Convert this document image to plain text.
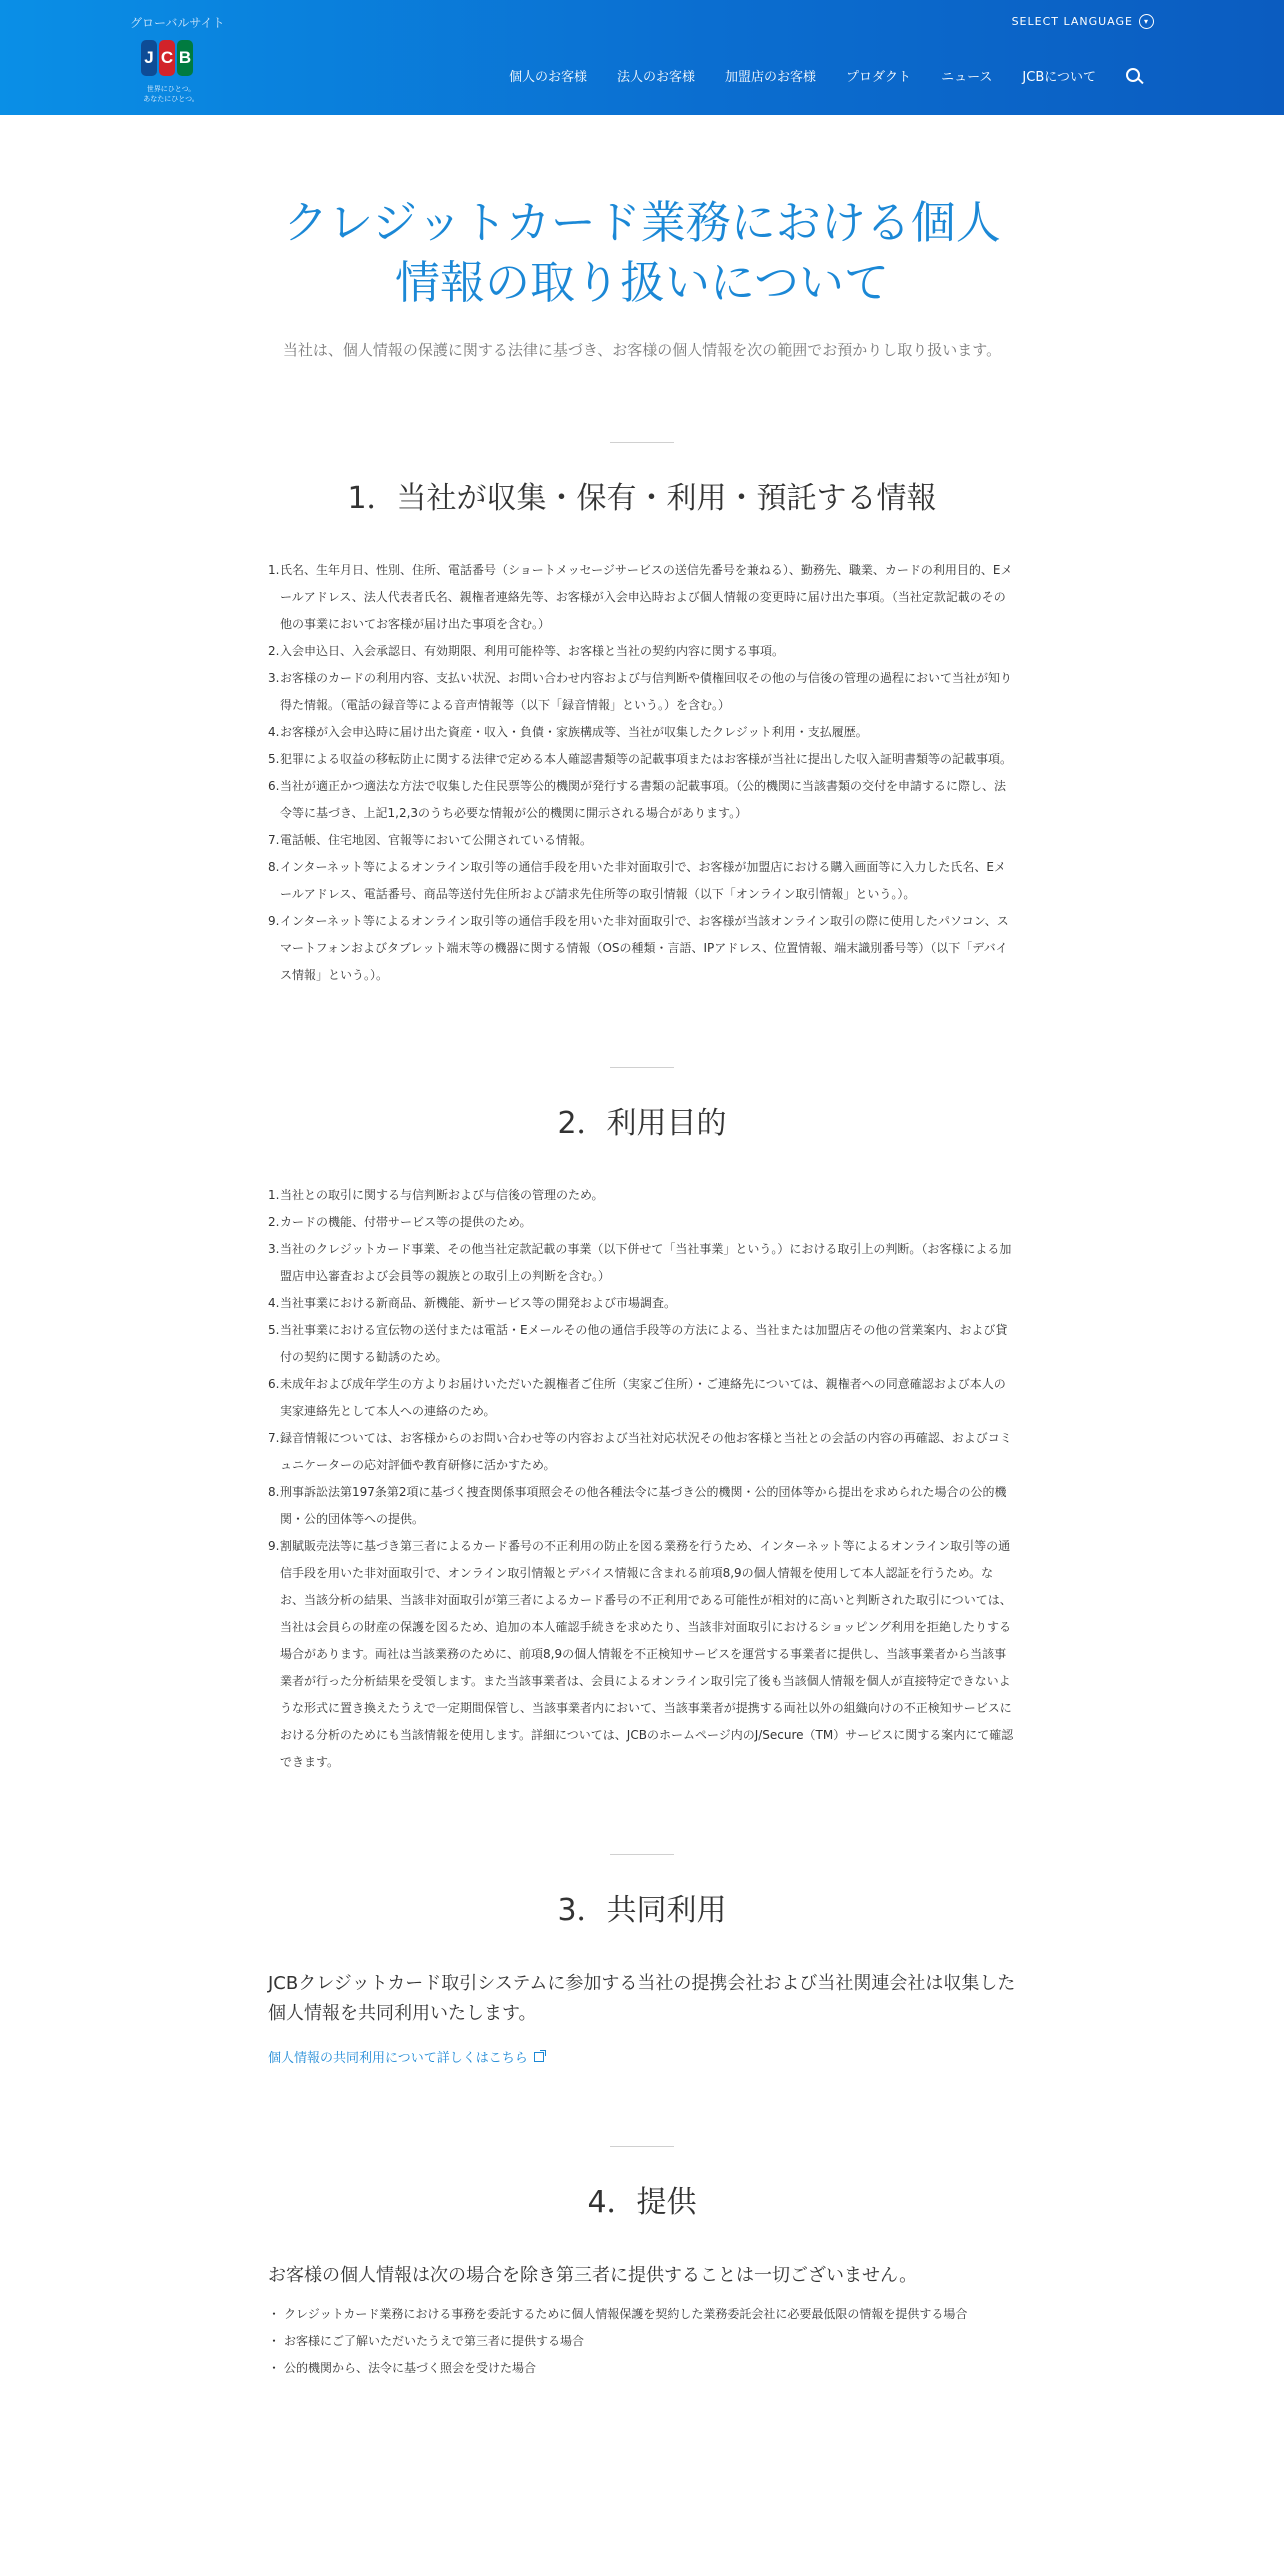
グローバルサイト
J C B
世界にひとつ。
あなたにひとつ。
SELECT LANGUAGE	▾
個人のお客様 法人のお客様 加盟店のお客様 プロダクト ニュース JCBについて
クレジットカード業務における個人
情報の取り扱いについて

当社は、個人情報の保護に関する法律に基づき、お客様の個人情報を次の範囲でお預かりし取り扱います。

1．当社が収集・保有・利用・預託する情報
1. 氏名、生年月日、性別、住所、電話番号（ショートメッセージサービスの送信先番号を兼ねる）、勤務先、職業、カードの利用目的、Eメールアドレス、法人代表者氏名、親権者連絡先等、お客様が入会申込時および個人情報の変更時に届け出た事項。（当社定款記載のその他の事業においてお客様が届け出た事項を含む。）
2. 入会申込日、入会承認日、有効期限、利用可能枠等、お客様と当社の契約内容に関する事項。
3. お客様のカードの利用内容、支払い状況、お問い合わせ内容および与信判断や債権回収その他の与信後の管理の過程において当社が知り得た情報。（電話の録音等による音声情報等（以下「録音情報」という。）を含む。）
4. お客様が入会申込時に届け出た資産・収入・負債・家族構成等、当社が収集したクレジット利用・支払履歴。
5. 犯罪による収益の移転防止に関する法律で定める本人確認書類等の記載事項またはお客様が当社に提出した収入証明書類等の記載事項。
6. 当社が適正かつ適法な方法で収集した住民票等公的機関が発行する書類の記載事項。（公的機関に当該書類の交付を申請するに際し、法令等に基づき、上記1,2,3のうち必要な情報が公的機関に開示される場合があります。）
7. 電話帳、住宅地図、官報等において公開されている情報。
8. インターネット等によるオンライン取引等の通信手段を用いた非対面取引で、お客様が加盟店における購入画面等に入力した氏名、Eメールアドレス、電話番号、商品等送付先住所および請求先住所等の取引情報（以下「オンライン取引情報」という。）。
9. インターネット等によるオンライン取引等の通信手段を用いた非対面取引で、お客様が当該オンライン取引の際に使用したパソコン、スマートフォンおよびタブレット端末等の機器に関する情報（OSの種類・言語、IPアドレス、位置情報、端末識別番号等）（以下「デバイス情報」という。）。
2．利用目的
1. 当社との取引に関する与信判断および与信後の管理のため。
2. カードの機能、付帯サービス等の提供のため。
3. 当社のクレジットカード事業、その他当社定款記載の事業（以下併せて「当社事業」という。）における取引上の判断。（お客様による加盟店申込審査および会員等の親族との取引上の判断を含む。）
4. 当社事業における新商品、新機能、新サービス等の開発および市場調査。
5. 当社事業における宣伝物の送付または電話・Eメールその他の通信手段等の方法による、当社または加盟店その他の営業案内、および貸付の契約に関する勧誘のため。
6. 未成年および成年学生の方よりお届けいただいた親権者ご住所（実家ご住所）・ご連絡先については、親権者への同意確認および本人の実家連絡先として本人への連絡のため。
7. 録音情報については、お客様からのお問い合わせ等の内容および当社対応状況その他お客様と当社との会話の内容の再確認、およびコミュニケーターの応対評価や教育研修に活かすため。
8. 刑事訴訟法第197条第2項に基づく捜査関係事項照会その他各種法令に基づき公的機関・公的団体等から提出を求められた場合の公的機関・公的団体等への提供。
9. 割賦販売法等に基づき第三者によるカード番号の不正利用の防止を図る業務を行うため、インターネット等によるオンライン取引等の通信手段を用いた非対面取引で、オンライン取引情報とデバイス情報に含まれる前項8,9の個人情報を使用して本人認証を行うため。なお、当該分析の結果、当該非対面取引が第三者によるカード番号の不正利用である可能性が相対的に高いと判断された取引については、当社は会員らの財産の保護を図るため、追加の本人確認手続きを求めたり、当該非対面取引におけるショッピング利用を拒絶したりする場合があります。両社は当該業務のために、前項8,9の個人情報を不正検知サービスを運営する事業者に提供し、当該事業者から当該事業者が行った分析結果を受領します。また当該事業者は、会員によるオンライン取引完了後も当該個人情報を個人が直接特定できないような形式に置き換えたうえで一定期間保管し、当該事業者内において、当該事業者が提携する両社以外の組織向けの不正検知サービスにおける分析のためにも当該情報を使用します。詳細については、JCBのホームページ内のJ/Secure（TM）サービスに関する案内にて確認できます。
3．共同利用

JCBクレジットカード取引システムに参加する当社の提携会社および当社関連会社は収集した個人情報を共同利用いたします。

個人情報の共同利用について詳しくはこちら
4．提供

お客様の個人情報は次の場合を除き第三者に提供することは一切ございません。

・ クレジットカード業務における事務を委託するために個人情報保護を契約した業務委託会社に必要最低限の情報を提供する場合
・ お客様にご了解いただいたうえで第三者に提供する場合
・ 公的機関から、法令に基づく照会を受けた場合
